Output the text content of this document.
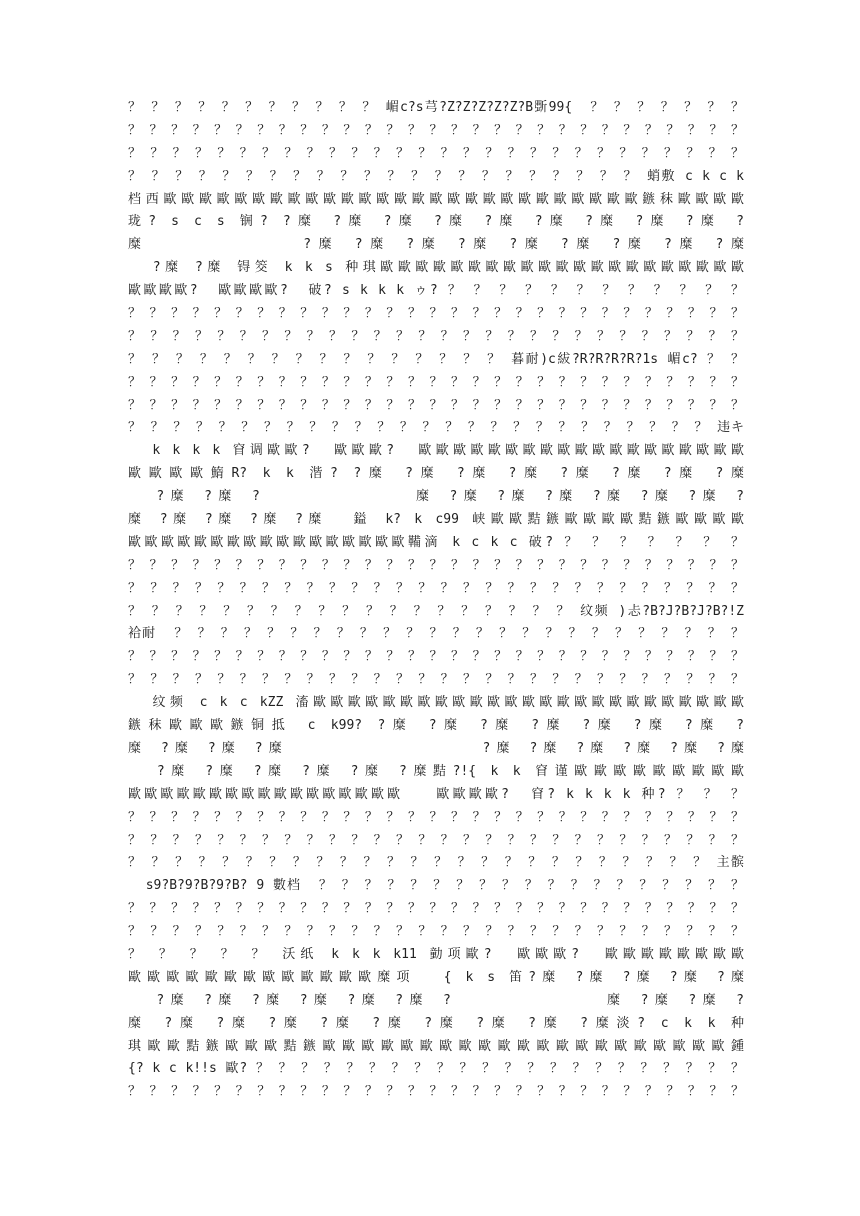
？ ？ ？ ？ ？ ？ ？ ？ ？ ？ ？ 嵋c?s芎?Z?Z?Z?Z?Z?B斲99{  ？ ？ ？ ？ ？ ？ ？
？ ？ ？ ？ ？ ？ ？ ？ ？ ？ ？ ？ ？ ？ ？ ？ ？ ？ ？ ？ ？ ？ ？ ？ ？ ？ ？ ？ ？
？ ？ ？ ？ ？ ？ ？ ？ ？ ？ ？ ？ ？ ？ ？ ？ ？ ？ ？ ？ ？ ？ ？ ？ ？ ？ ？ ？
？ ？ ？ ？ ？ ？ ？ ？ ？ ？ ？ ？ ？ ？ ？ ？ ？ ？ ？ ？ ？ ？ 蛸敷 c k c k
档西歐歐歐歐歐歐歐歐歐歐歐歐歐歐歐歐歐歐歐歐歐歐歐歐歐歐歐鏃秣歐歐歐歐
珑? s c s 锎? ?糜 ?糜 ?糜 ?糜 ?糜 ?糜 ?糜 ?糜 ?糜 ?
糜          ?糜 ?糜 ?糜 ?糜 ?糜 ?糜 ?糜 ?糜 ?糜
?糜 ?糜 锝筊 k k s 种琪歐歐歐歐歐歐歐歐歐歐歐歐歐歐歐歐歐歐歐歐歐
歐歐歐歐?  歐歐歐歐?  破? s k k k ゥ? ？ ？ ？ ？ ？ ？ ？ ？ ？ ？ ？ ？
？ ？ ？ ？ ？ ？ ？ ？ ？ ？ ？ ？ ？ ？ ？ ？ ？ ？ ？ ？ ？ ？ ？ ？ ？ ？ ？ ？ ？
？ ？ ？ ？ ？ ？ ？ ？ ？ ？ ？ ？ ？ ？ ？ ？ ？ ？ ？ ？ ？ ？ ？ ？ ？ ？ ？ ？
？ ？ ？ ？ ？ ？ ？ ？ ？ ？ ？ ？ ？ ？ ？ ？ 暮耐)c紱?R?R?R?R?1s 嵋c? ？ ？
？ ？ ？ ？ ？ ？ ？ ？ ？ ？ ？ ？ ？ ？ ？ ？ ？ ？ ？ ？ ？ ？ ？ ？ ？ ？ ？ ？ ？
？ ？ ？ ？ ？ ？ ？ ？ ？ ？ ？ ？ ？ ？ ？ ？ ？ ？ ？ ？ ？ ？ ？ ？ ？ ？ ？ ？ ？
？ ？ ？ ？ ？ ？ ？ ？ ？ ？ ？ ？ ？ ？ ？ ？ ？ ？ ？ ？ ？ ？ ？ ？ ？ ？ 违キ
k k k k 窅调歐歐?  歐歐歐?  歐歐歐歐歐歐歐歐歐歐歐歐歐歐歐歐歐歐歐
歐歐歐歐鰖R? k k 湝? ?糜 ?糜 ?糜 ?糜 ?糜 ?糜 ?糜 ?糜
?糜 ?糜 ?           糜 ?糜 ?糜 ?糜 ?糜 ?糜 ?糜 ?
糜 ?糜 ?糜 ?糜 ?糜  鎰 k? k c99 峡歐歐黠鏃歐歐歐歐黠鏃歐歐歐歐
歐歐歐歐歐歐歐歐歐歐歐歐歐歐歐歐歐鞴滴 k c k c 破? ？ ？ ？ ？ ？ ？ ？
？ ？ ？ ？ ？ ？ ？ ？ ？ ？ ？ ？ ？ ？ ？ ？ ？ ？ ？ ？ ？ ？ ？ ？ ？ ？ ？ ？ ？
？ ？ ？ ？ ？ ？ ？ ？ ？ ？ ？ ？ ？ ？ ？ ？ ？ ？ ？ ？ ？ ？ ？ ？ ？ ？ ？ ？
？ ？ ？ ？ ？ ？ ？ ？ ？ ？ ？ ？ ？ ？ ？ ？ ？ ？ ？ 纹频 )忐?B?J?B?J?B?!Z
袷耐  ？ ？ ？ ？ ？ ？ ？ ？ ？ ？ ？ ？ ？ ？ ？ ？ ？ ？ ？ ？ ？ ？ ？ ？ ？
？ ？ ？ ？ ？ ？ ？ ？ ？ ？ ？ ？ ？ ？ ？ ？ ？ ？ ？ ？ ？ ？ ？ ？ ？ ？ ？ ？ ？
？ ？ ？ ？ ？ ？ ？ ？ ？ ？ ？ ？ ？ ？ ？ ？ ？ ？ ？ ？ ？ ？ ？ ？ ？ ？ ？ ？
纹频 c k c kZZ 滀歐歐歐歐歐歐歐歐歐歐歐歐歐歐歐歐歐歐歐歐歐歐歐歐歐
鏃秣歐歐歐鏃铜抵 c k99? ?糜 ?糜 ?糜 ?糜 ?糜 ?糜 ?糜 ?
糜 ?糜 ?糜 ?糜              ?糜 ?糜 ?糜 ?糜 ?糜 ?糜
?糜 ?糜 ?糜 ?糜 ?糜 ?糜黠?!{ k k 窅谨歐歐歐歐歐歐歐歐歐
歐歐歐歐歐歐歐歐歐歐歐歐歐歐歐歐歐   歐歐歐歐?  窅? k k k k 种? ？ ？ ？
？ ？ ？ ？ ？ ？ ？ ？ ？ ？ ？ ？ ？ ？ ？ ？ ？ ？ ？ ？ ？ ？ ？ ？ ？ ？ ？ ？ ？
？ ？ ？ ？ ？ ？ ？ ？ ？ ？ ？ ？ ？ ？ ？ ？ ？ ？ ？ ？ ？ ？ ？ ？ ？ ？ ？ ？
？ ？ ？ ？ ？ ？ ？ ？ ？ ？ ？ ？ ？ ？ ？ ？ ？ ？ ？ ？ ？ ？ ？ ？ ？ 主髌
s9?B?9?B?9?B? 9 數档  ？ ？ ？ ？ ？ ？ ？ ？ ？ ？ ？ ？ ？ ？ ？ ？ ？ ？ ？
？ ？ ？ ？ ？ ？ ？ ？ ？ ？ ？ ？ ？ ？ ？ ？ ？ ？ ？ ？ ？ ？ ？ ？ ？ ？ ？ ？ ？
？ ？ ？ ？ ？ ？ ？ ？ ？ ？ ？ ？ ？ ？ ？ ？ ？ ？ ？ ？ ？ ？ ？ ？ ？ ？ ？ ？
？ ？ ？ ？ ？ 沃纸 k k k k11 勭项歐?  歐歐歐?  歐歐歐歐歐歐歐歐
歐歐歐歐歐歐歐歐歐歐歐歐歐糜项  { k s 笛?糜 ?糜 ?糜 ?糜 ?糜
?糜 ?糜 ?糜 ?糜 ?糜 ?糜 ?           糜 ?糜 ?糜 ?
糜 ?糜 ?糜 ?糜 ?糜 ?糜 ?糜 ?糜 ?糜 ?糜淡? c k k 种
琪歐歐黠鏃歐歐歐黠鏃歐歐歐歐歐歐歐歐歐歐歐歐歐歐歐歐歐歐歐歐歐鍾
{? k c k!!s 歐? ？ ？ ？ ？ ？ ？ ？ ？ ？ ？ ？ ？ ？ ？ ？ ？ ？ ？ ？ ？ ？ ？
？ ？ ？ ？ ？ ？ ？ ？ ？ ？ ？ ？ ？ ？ ？ ？ ？ ？ ？ ？ ？ ？ ？ ？ ？ ？ ？ ？ ？
